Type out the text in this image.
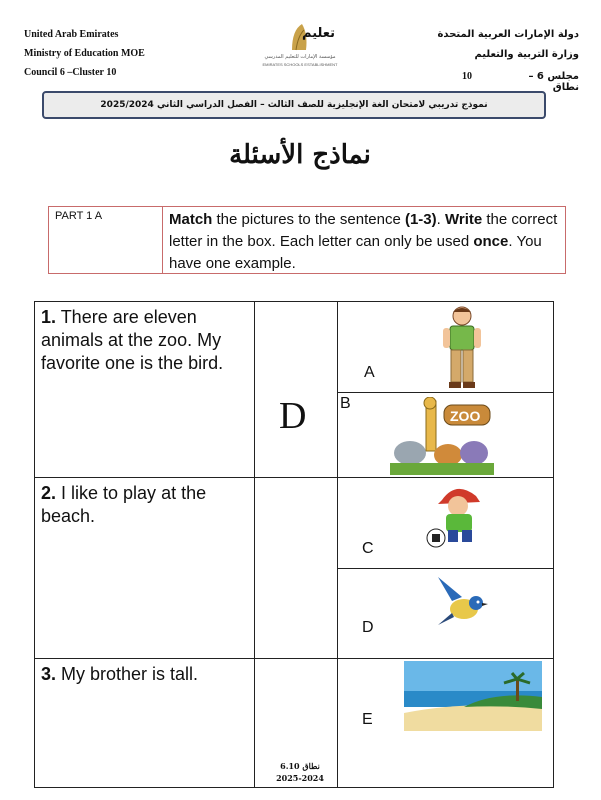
United Arab Emirates
Ministry of Education MOE
Council 6 –Cluster 10
دولة الإمارات العربية المتحدة
وزارة التربية والتعليم
مجلس 6 – نطاق
10
تعليم
مؤسسة الإمارات للتعليم المدرسي
EMIRATES SCHOOLS ESTABLISHMENT
نموذج تدريبي لامتحان الغة الإنجليزية للصف الثالث – الفصل الدراسي الثاني 2025/2024
نماذج الأسئلة
PART 1 A	Match the pictures to the sentence (1-3). Write the correct letter in the box. Each letter can only be used once. You have one example.
1. There are eleven animals at the zoo. My favorite one is the bird.
2. I like to play at the beach.
3. My brother is tall.
D
A
B
ZOO
C
D
E
نطاق 6.10
2025-2024
